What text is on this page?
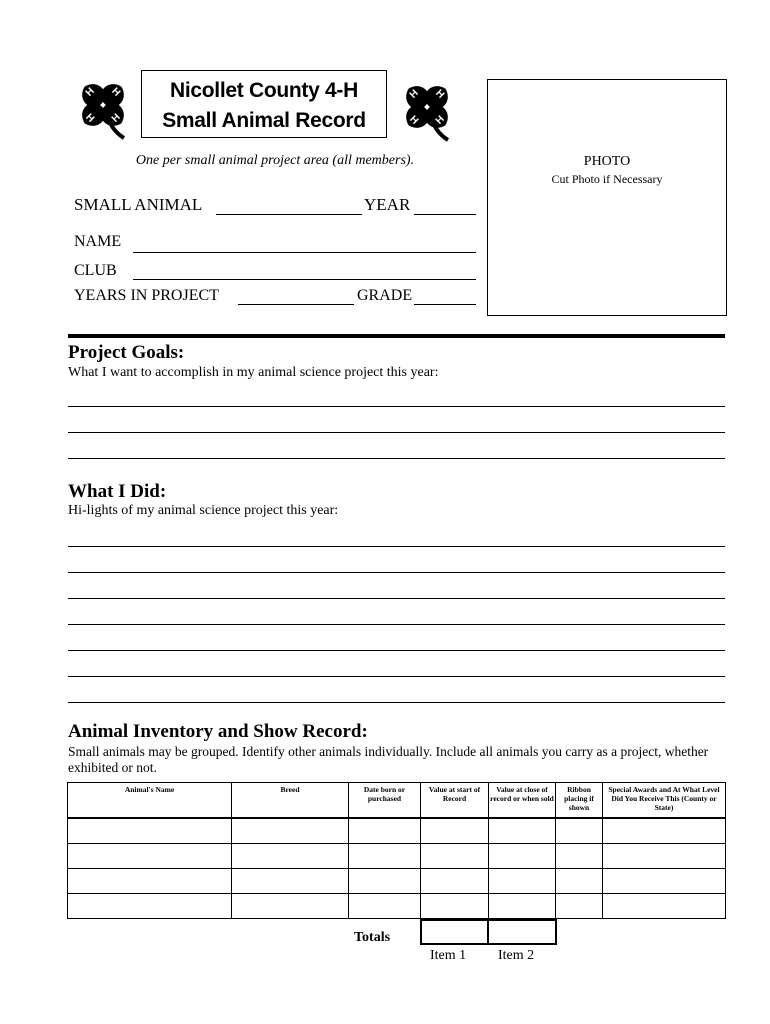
H H
H H
H H
H H
Nicollet County 4-H
Small Animal Record
One per small animal project area (all members).	PHOTO
Cut Photo if Necessary
SMALL ANIMAL	YEAR
NAME
CLUB
YEARS IN PROJECT	GRADE
Project Goals:
What I want to accomplish in my animal science project this year:
What I Did:
Hi-lights of my animal science project this year:
Animal Inventory and Show Record:
Small animals may be grouped. Identify other animals individually. Include all animals you carry as a project, whether exhibited or not.
Animal's Name	Breed	Date born or purchased	Value at start of Record	Value at close of record or when sold	Ribbon placing if shown	Special Awards and At What Level Did You Receive This (County or State)

Totals
Item 1 Item 2
